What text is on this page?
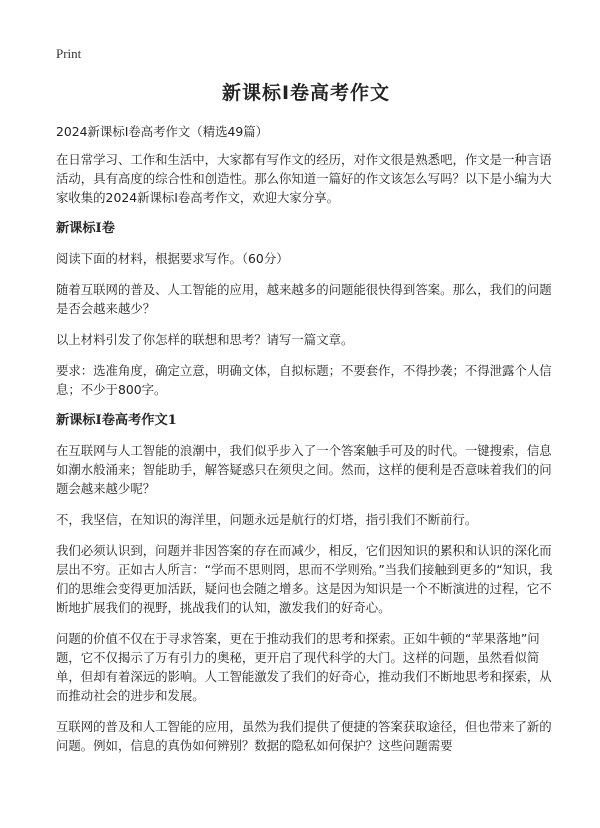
Print
新课标Ⅰ卷高考作文

2024新课标I卷高考作文（精选49篇）

在日常学习、工作和生活中，大家都有写作文的经历，对作文很是熟悉吧，作文是一种言语活动，具有高度的综合性和创造性。那么你知道一篇好的作文该怎么写吗？以下是小编为大家收集的2024新课标I卷高考作文，欢迎大家分享。

新课标I卷

阅读下面的材料，根据要求写作。（60分）

随着互联网的普及、人工智能的应用，越来越多的问题能很快得到答案。那么，我们的问题是否会越来越少？

以上材料引发了你怎样的联想和思考？请写一篇文章。

要求：选准角度，确定立意，明确文体，自拟标题；不要套作，不得抄袭；不得泄露个人信息；不少于800字。

新课标I卷高考作文1

在互联网与人工智能的浪潮中，我们似乎步入了一个答案触手可及的时代。一键搜索，信息如潮水般涌来；智能助手，解答疑惑只在须臾之间。然而，这样的便利是否意味着我们的问题会越来越少呢？

不，我坚信，在知识的海洋里，问题永远是航行的灯塔，指引我们不断前行。

我们必须认识到，问题并非因答案的存在而减少，相反，它们因知识的累积和认识的深化而层出不穷。正如古人所言：“学而不思则罔，思而不学则殆。”当我们接触到更多的“知识，我们的思维会变得更加活跃，疑问也会随之增多。这是因为知识是一个不断演进的过程，它不断地扩展我们的视野，挑战我们的认知，激发我们的好奇心。

问题的价值不仅在于寻求答案，更在于推动我们的思考和探索。正如牛顿的“苹果落地”问题，它不仅揭示了万有引力的奥秘，更开启了现代科学的大门。这样的问题，虽然看似简单，但却有着深远的影响。人工智能激发了我们的好奇心，推动我们不断地思考和探索，从而推动社会的进步和发展。

互联网的普及和人工智能的应用，虽然为我们提供了便捷的答案获取途径，但也带来了新的问题。例如，信息的真伪如何辨别？数据的隐私如何保护？这些问题需要
